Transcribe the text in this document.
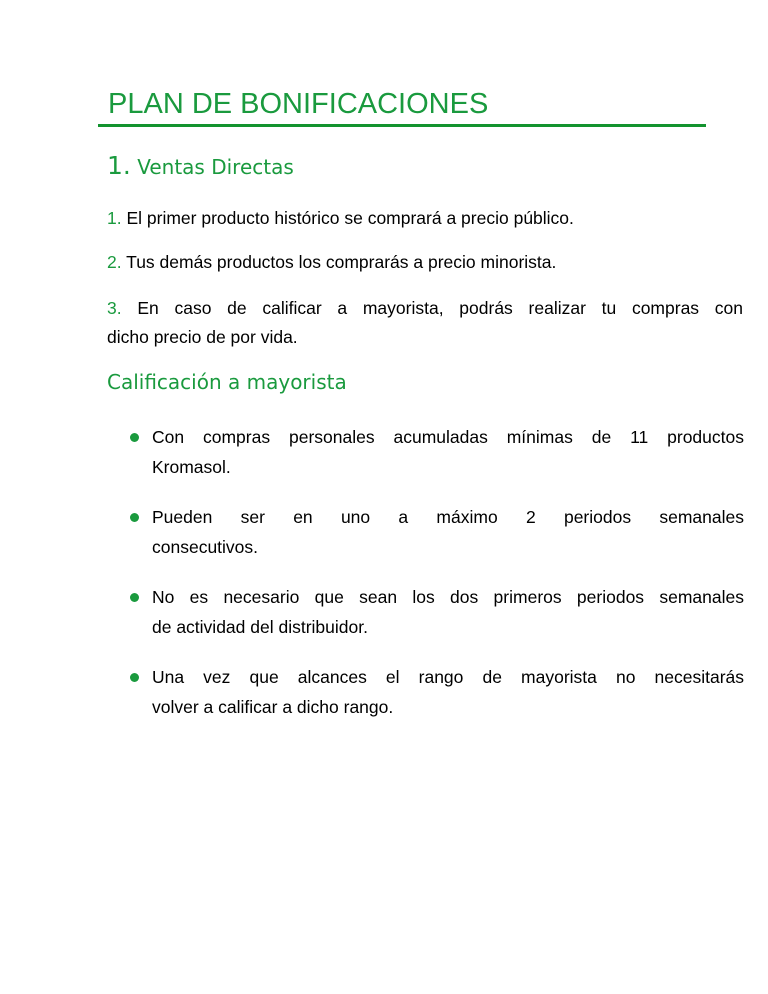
PLAN DE BONIFICACIONES
1. Ventas Directas
1. El primer producto histórico se comprará a precio público.
2. Tus demás productos los comprarás a precio minorista.
3. En caso de calificar a mayorista, podrás realizar tu compras con
dicho precio de por vida.
Calificación a mayorista
Con compras personales acumuladas mínimas de 11 productos
Kromasol.
Pueden ser en uno a máximo 2 periodos semanales
consecutivos.
No es necesario que sean los dos primeros periodos semanales
de actividad del distribuidor.
Una vez que alcances el rango de mayorista no necesitarás
volver a calificar a dicho rango.
